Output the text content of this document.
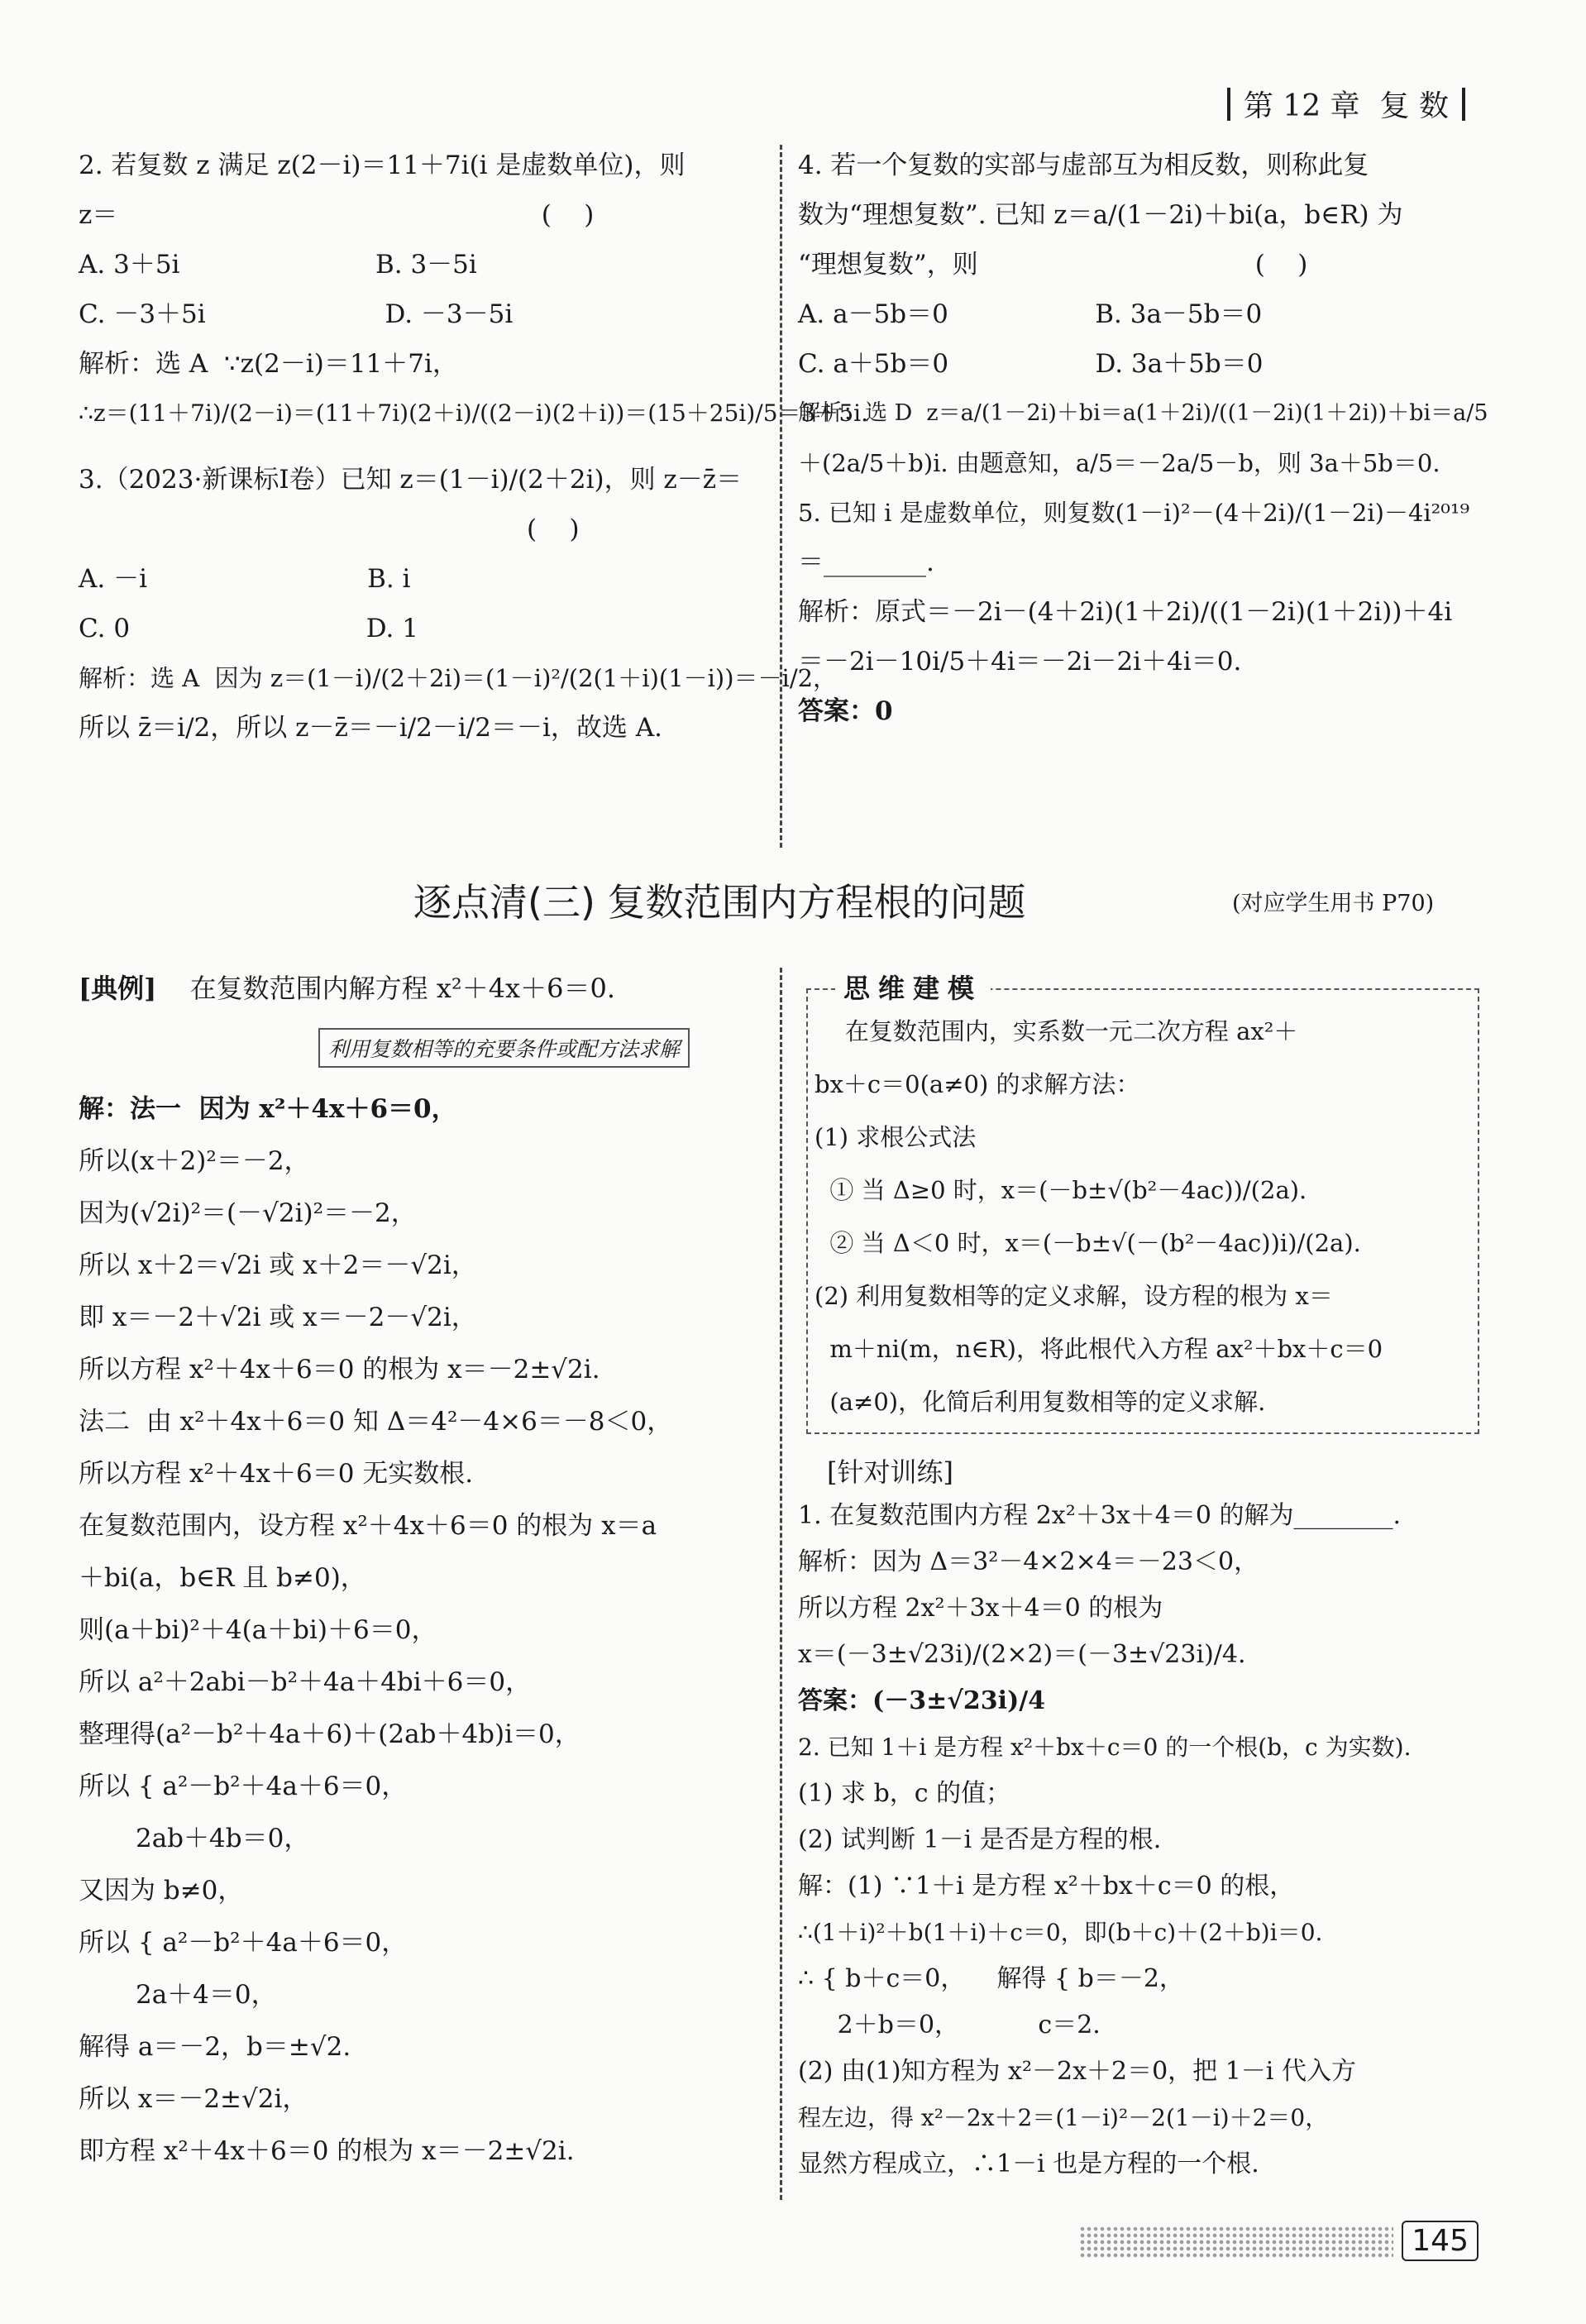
第 12 章 复 数
2. 若复数 z 满足 z(2－i)＝11＋7i(i 是虚数单位)，则
z＝                                                    (    )
A. 3＋5i                        B. 3－5i
C. －3＋5i                      D. －3－5i
解析：选 A  ∵z(2－i)＝11＋7i，
∴z＝(11＋7i)/(2－i)＝(11＋7i)(2＋i)/((2－i)(2＋i))＝(15＋25i)/5＝3＋5i.
3.（2023·新课标Ⅰ卷）已知 z＝(1－i)/(2＋2i)，则 z－z̄＝
(    )
A. －i                           B. i
C. 0                             D. 1
解析：选 A  因为 z＝(1－i)/(2＋2i)＝(1－i)²/(2(1＋i)(1－i))＝－i/2，
所以 z̄＝i/2，所以 z－z̄＝－i/2－i/2＝－i，故选 A.
4. 若一个复数的实部与虚部互为相反数，则称此复
数为“理想复数”. 已知 z＝a/(1－2i)＋bi(a，b∈R) 为
“理想复数”，则                                  (    )
A. a－5b＝0                  B. 3a－5b＝0
C. a＋5b＝0                  D. 3a＋5b＝0
解析：选 D  z＝a/(1－2i)＋bi＝a(1＋2i)/((1－2i)(1＋2i))＋bi＝a/5
＋(2a/5＋b)i. 由题意知，a/5＝－2a/5－b，则 3a＋5b＝0.
5. 已知 i 是虚数单位，则复数(1－i)²－(4＋2i)/(1－2i)－4i²⁰¹⁹
＝________.
解析：原式＝－2i－(4＋2i)(1＋2i)/((1－2i)(1＋2i))＋4i
＝－2i－10i/5＋4i＝－2i－2i＋4i＝0.
答案：0
逐点清(三) 复数范围内方程根的问题	(对应学生用书 P70)
[典例] 在复数范围内解方程 x²＋4x＋6＝0.
利用复数相等的充要条件或配方法求解
解：法一  因为 x²＋4x＋6＝0，
所以(x＋2)²＝－2，
因为(√2i)²＝(－√2i)²＝－2，
所以 x＋2＝√2i 或 x＋2＝－√2i，
即 x＝－2＋√2i 或 x＝－2－√2i，
所以方程 x²＋4x＋6＝0 的根为 x＝－2±√2i.
法二  由 x²＋4x＋6＝0 知 Δ＝4²－4×6＝－8＜0，
所以方程 x²＋4x＋6＝0 无实数根.
在复数范围内，设方程 x²＋4x＋6＝0 的根为 x＝a
＋bi(a，b∈R 且 b≠0)，
则(a＋bi)²＋4(a＋bi)＋6＝0，
所以 a²＋2abi－b²＋4a＋4bi＋6＝0，
整理得(a²－b²＋4a＋6)＋(2ab＋4b)i＝0，
所以 { a²－b²＋4a＋6＝0，
2ab＋4b＝0，
又因为 b≠0，
所以 { a²－b²＋4a＋6＝0，
2a＋4＝0，
解得 a＝－2，b＝±√2.
所以 x＝－2±√2i，
即方程 x²＋4x＋6＝0 的根为 x＝－2±√2i.
思维建模
在复数范围内，实系数一元二次方程 ax²＋
bx＋c＝0(a≠0) 的求解方法：
(1) 求根公式法
① 当 Δ≥0 时，x＝(－b±√(b²－4ac))/(2a).
② 当 Δ＜0 时，x＝(－b±√(－(b²－4ac))i)/(2a).
(2) 利用复数相等的定义求解，设方程的根为 x＝
m＋ni(m，n∈R)，将此根代入方程 ax²＋bx＋c＝0
(a≠0)，化简后利用复数相等的定义求解.
[针对训练]
1. 在复数范围内方程 2x²＋3x＋4＝0 的解为________.
解析：因为 Δ＝3²－4×2×4＝－23＜0，
所以方程 2x²＋3x＋4＝0 的根为
x＝(－3±√23i)/(2×2)＝(－3±√23i)/4.
答案：(－3±√23i)/4
2. 已知 1＋i 是方程 x²＋bx＋c＝0 的一个根(b，c 为实数).
(1) 求 b，c 的值；
(2) 试判断 1－i 是否是方程的根.
解：(1) ∵1＋i 是方程 x²＋bx＋c＝0 的根，
∴(1＋i)²＋b(1＋i)＋c＝0，即(b＋c)＋(2＋b)i＝0.
∴ { b＋c＝0，    解得 { b＝－2，
2＋b＝0，          c＝2.
(2) 由(1)知方程为 x²－2x＋2＝0，把 1－i 代入方
程左边，得 x²－2x＋2＝(1－i)²－2(1－i)＋2＝0，
显然方程成立，∴1－i 也是方程的一个根.
145
